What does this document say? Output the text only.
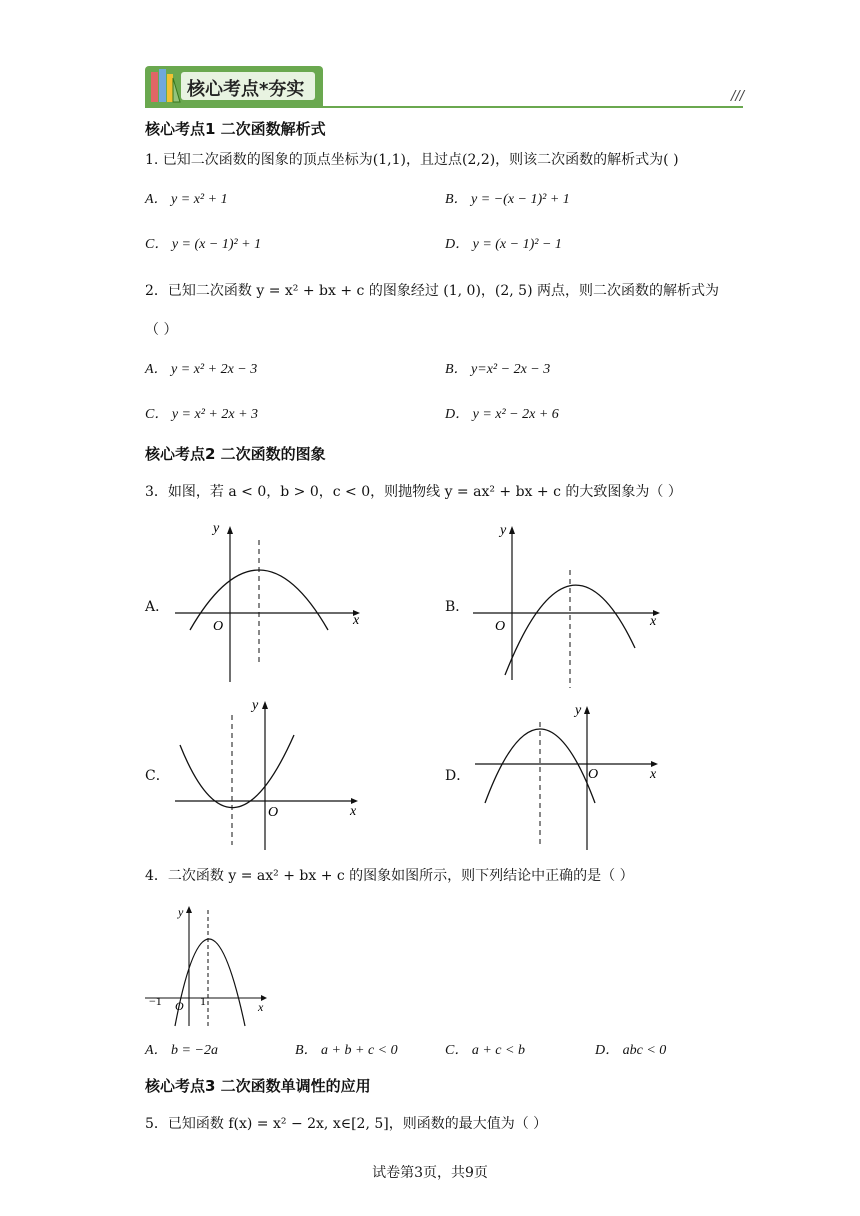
核心考点*夯实	///
核心考点1 二次函数解析式
1. 已知二次函数的图象的顶点坐标为(1,1)，且过点(2,2)，则该二次函数的解析式为( )
A． y = x² + 1	B． y = −(x − 1)² + 1
C． y = (x − 1)² + 1	D． y = (x − 1)² − 1
2．已知二次函数 y = x² + bx + c 的图象经过 (1, 0)，(2, 5) 两点，则二次函数的解析式为
（ ）
A． y = x² + 2x − 3	B． y=x² − 2x − 3
C． y = x² + 2x + 3	D． y = x² − 2x + 6
核心考点2 二次函数的图象
3．如图，若 a < 0，b > 0，c < 0，则抛物线 y = ax² + bx + c 的大致图象为（ ）
A．
y
x
O
B．
y
x
O
C．
y
x
O
D．
y
x
O
4．二次函数 y = ax² + bx + c 的图象如图所示，则下列结论中正确的是（ ）
y
x
O
−1	1
A． b = −2a	B． a + b + c < 0	C． a + c < b	D． abc < 0
核心考点3 二次函数单调性的应用
5．已知函数 f(x) = x² − 2x, x∈[2, 5]，则函数的最大值为（ ）
试卷第3页，共9页
